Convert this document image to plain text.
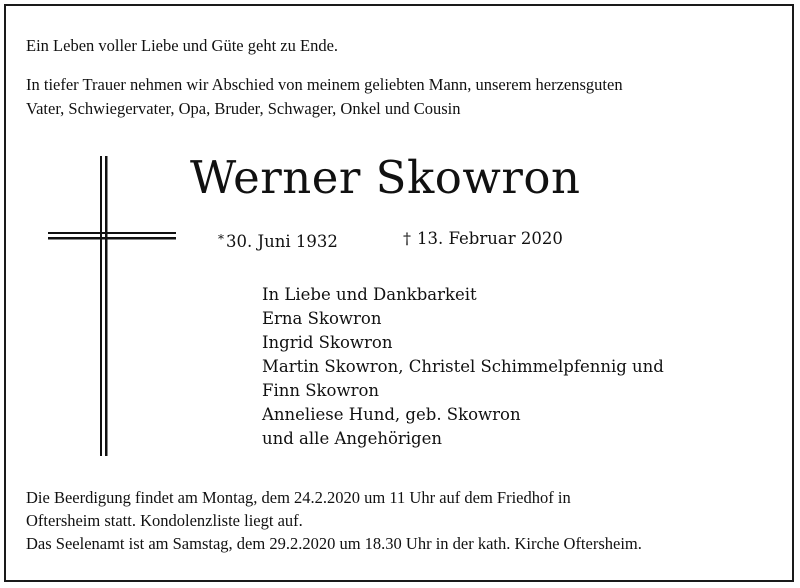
Ein Leben voller Liebe und Güte geht zu Ende.

In tiefer Trauer nehmen wir Abschied von meinem geliebten Mann, unserem herzensguten

Vater, Schwiegervater, Opa, Bruder, Schwager, Onkel und Cousin

Werner Skowron
* 30. Juni 1932	† 13. Februar 2020
In Liebe und Dankbarkeit
Erna Skowron
Ingrid Skowron
Martin Skowron, Christel Schimmelpfennig und
Finn Skowron
Anneliese Hund, geb. Skowron
und alle Angehörigen

Die Beerdigung findet am Montag, dem 24.2.2020 um 11 Uhr auf dem Friedhof in

Oftersheim statt. Kondolenzliste liegt auf.

Das Seelenamt ist am Samstag, dem 29.2.2020 um 18.30 Uhr in der kath. Kirche Oftersheim.
